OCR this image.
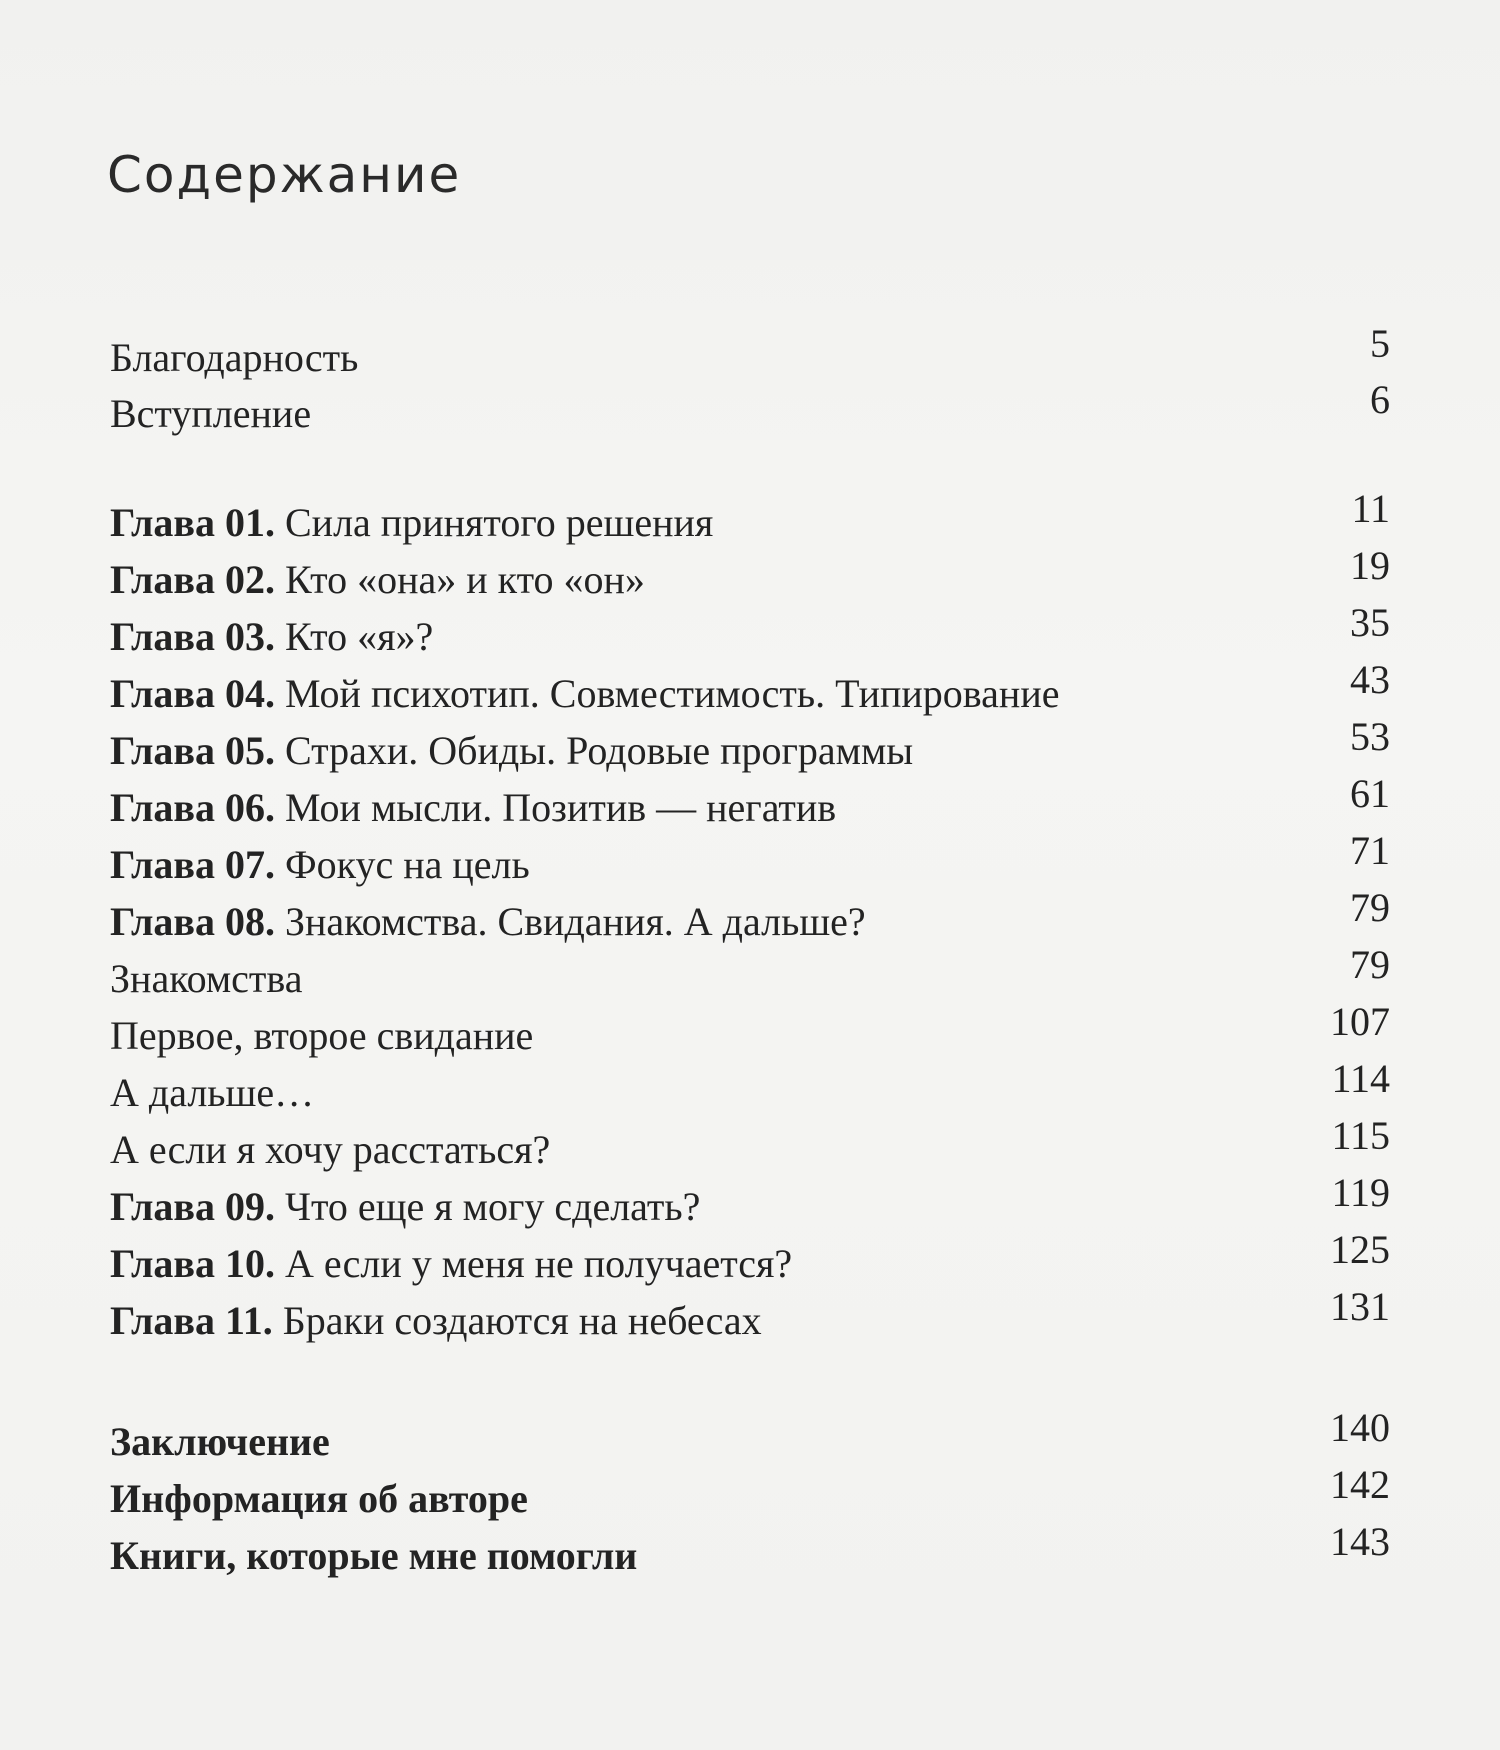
Содержание
Благодарность	5
Вступление	6
Глава 01. Сила принятого решения	11
Глава 02. Кто «она» и кто «он»	19
Глава 03. Кто «я»?	35
Глава 04. Мой психотип. Совместимость. Типирование	43
Глава 05. Страхи. Обиды. Родовые программы	53
Глава 06. Мои мысли. Позитив — негатив	61
Глава 07. Фокус на цель	71
Глава 08. Знакомства. Свидания. А дальше?	79
Знакомства	79
Первое, второе свидание	107
А дальше…	114
А если я хочу расстаться?	115
Глава 09. Что еще я могу сделать?	119
Глава 10. А если у меня не получается?	125
Глава 11. Браки создаются на небесах	131
Заключение	140
Информация об авторе	142
Книги, которые мне помогли	143
